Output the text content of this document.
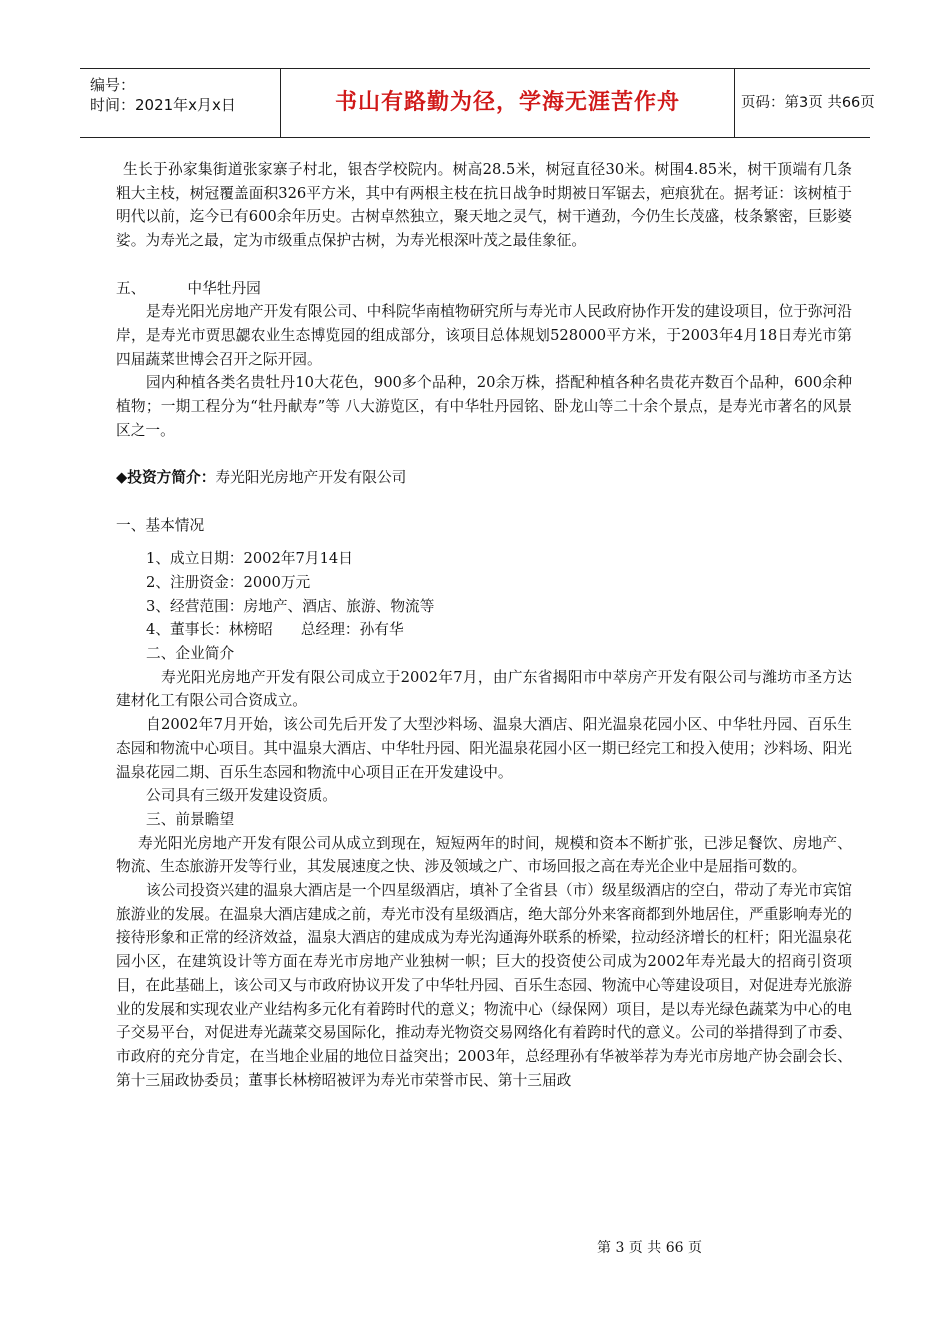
编号：
时间：2021年x月x日	书山有路勤为径，学海无涯苦作舟	页码：第3页 共66页

生长于孙家集街道张家寨子村北，银杏学校院内。树高28.5米，树冠直径30米。树围4.85米，树干顶端有几条粗大主枝，树冠覆盖面积326平方米，其中有两根主枝在抗日战争时期被日军锯去，疤痕犹在。据考证：该树植于明代以前，迄今已有600余年历史。古树卓然独立，聚天地之灵气，树干遒劲，今仍生长茂盛，枝条繁密，巨影婆娑。为寿光之最，定为市级重点保护古树，为寿光根深叶茂之最佳象征。

五、	中华牡丹园

是寿光阳光房地产开发有限公司、中科院华南植物研究所与寿光市人民政府协作开发的建设项目，位于弥河沿岸，是寿光市贾思勰农业生态博览园的组成部分，该项目总体规划528000平方米，于2003年4月18日寿光市第四届蔬菜世博会召开之际开园。

园内种植各类名贵牡丹10大花色，900多个品种，20余万株，搭配种植各种名贵花卉数百个品种，600余种植物；一期工程分为“牡丹献寿”等 八大游览区，有中华牡丹园铭、卧龙山等二十余个景点，是寿光市著名的风景区之一。

◆投资方简介：寿光阳光房地产开发有限公司

一、基本情况

1、成立日期：2002年7月14日

2、注册资金：2000万元

3、经营范围：房地产、酒店、旅游、物流等

4、董事长：林榜昭 总经理：孙有华

二、企业简介

寿光阳光房地产开发有限公司成立于2002年7月，由广东省揭阳市中萃房产开发有限公司与潍坊市圣方达建材化工有限公司合资成立。

自2002年7月开始，该公司先后开发了大型沙料场、温泉大酒店、阳光温泉花园小区、中华牡丹园、百乐生态园和物流中心项目。其中温泉大酒店、中华牡丹园、阳光温泉花园小区一期已经完工和投入使用；沙料场、阳光温泉花园二期、百乐生态园和物流中心项目正在开发建设中。

公司具有三级开发建设资质。

三、前景瞻望

寿光阳光房地产开发有限公司从成立到现在，短短两年的时间，规模和资本不断扩张，已涉足餐饮、房地产、物流、生态旅游开发等行业，其发展速度之快、涉及领域之广、市场回报之高在寿光企业中是屈指可数的。

该公司投资兴建的温泉大酒店是一个四星级酒店，填补了全省县（市）级星级酒店的空白，带动了寿光市宾馆旅游业的发展。在温泉大酒店建成之前，寿光市没有星级酒店，绝大部分外来客商都到外地居住，严重影响寿光的接待形象和正常的经济效益，温泉大酒店的建成成为寿光沟通海外联系的桥梁，拉动经济增长的杠杆；阳光温泉花园小区，在建筑设计等方面在寿光市房地产业独树一帜；巨大的投资使公司成为2002年寿光最大的招商引资项目，在此基础上，该公司又与市政府协议开发了中华牡丹园、百乐生态园、物流中心等建设项目，对促进寿光旅游业的发展和实现农业产业结构多元化有着跨时代的意义；物流中心（绿保网）项目，是以寿光绿色蔬菜为中心的电子交易平台，对促进寿光蔬菜交易国际化，推动寿光物资交易网络化有着跨时代的意义。公司的举措得到了市委、市政府的充分肯定，在当地企业届的地位日益突出；2003年，总经理孙有华被举荐为寿光市房地产协会副会长、第十三届政协委员；董事长林榜昭被评为寿光市荣誉市民、第十三届政

第 3 页 共 66 页
